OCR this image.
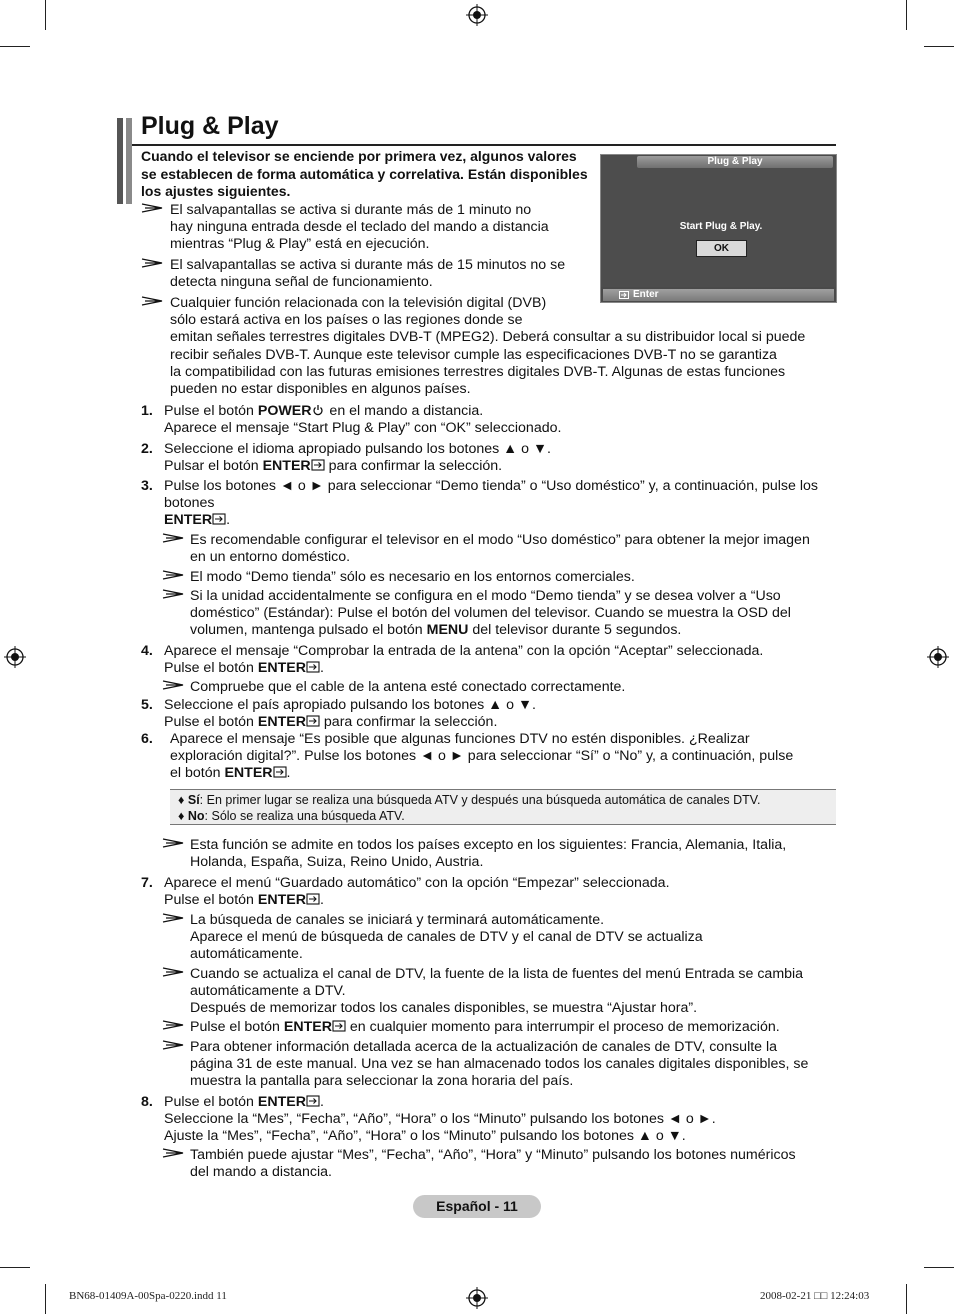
Plug & Play
Cuando el televisor se enciende por primera vez, algunos valores se establecen de forma automática y correlativa. Están disponibles los ajustes siguientes.
Plug & Play
Start Plug & Play.
OK
Enter
El salvapantallas se activa si durante más de 1 minuto no
hay ninguna entrada desde el teclado del mando a distancia
mientras “Plug & Play” está en ejecución.
El salvapantallas se activa si durante más de 15 minutos no se
detecta ninguna señal de funcionamiento.
Cualquier función relacionada con la televisión digital (DVB)
sólo estará activa en los países o las regiones donde se
emitan señales terrestres digitales DVB-T (MPEG2). Deberá consultar a su distribuidor local si puede
recibir señales DVB-T. Aunque este televisor cumple las especificaciones DVB-T no se garantiza
la compatibilidad con las futuras emisiones terrestres digitales DVB-T. Algunas de estas funciones
pueden no estar disponibles en algunos países.
1. Pulse el botón POWER en el mando a distancia.
Aparece el mensaje “Start Plug & Play” con “OK” seleccionado.
2. Seleccione el idioma apropiado pulsando los botones ▲ o ▼.
Pulsar el botón ENTER para confirmar la selección.
3. Pulse los botones ◄ o ► para seleccionar “Demo tienda” o “Uso doméstico” y, a continuación, pulse los
botones
ENTER .
Es recomendable configurar el televisor en el modo “Uso doméstico” para obtener la mejor imagen
en un entorno doméstico.
El modo “Demo tienda” sólo es necesario en los entornos comerciales.
Si la unidad accidentalmente se configura en el modo “Demo tienda” y se desea volver a “Uso
doméstico” (Estándar): Pulse el botón del volumen del televisor. Cuando se muestra la OSD del
volumen, mantenga pulsado el botón MENU del televisor durante 5 segundos.
4. Aparece el mensaje “Comprobar la entrada de la antena” con la opción “Aceptar” seleccionada.
Pulse el botón ENTER .
Compruebe que el cable de la antena esté conectado correctamente.
5. Seleccione el país apropiado pulsando los botones ▲ o ▼.
Pulse el botón ENTER para confirmar la selección.
6. Aparece el mensaje “Es posible que algunas funciones DTV no estén disponibles. ¿Realizar
exploración digital?”. Pulse los botones ◄ o ► para seleccionar “Sí” o “No” y, a continuación, pulse
el botón ENTER .
♦ Sí: En primer lugar se realiza una búsqueda ATV y después una búsqueda automática de canales DTV.
♦ No: Sólo se realiza una búsqueda ATV.
Esta función se admite en todos los países excepto en los siguientes: Francia, Alemania, Italia,
Holanda, España, Suiza, Reino Unido, Austria.
7. Aparece el menú “Guardado automático” con la opción “Empezar” seleccionada.
Pulse el botón ENTER .
La búsqueda de canales se iniciará y terminará automáticamente.
Aparece el menú de búsqueda de canales de DTV y el canal de DTV se actualiza
automáticamente.
Cuando se actualiza el canal de DTV, la fuente de la lista de fuentes del menú Entrada se cambia
automáticamente a DTV.
Después de memorizar todos los canales disponibles, se muestra “Ajustar hora”.
Pulse el botón ENTER en cualquier momento para interrumpir el proceso de memorización.
Para obtener información detallada acerca de la actualización de canales de DTV, consulte la
página 31 de este manual. Una vez se han almacenado todos los canales digitales disponibles, se
muestra la pantalla para seleccionar la zona horaria del país.
8. Pulse el botón ENTER .
Seleccione la “Mes”, “Fecha”, “Año”, “Hora” o los “Minuto” pulsando los botones ◄ o ►.
Ajuste la “Mes”, “Fecha”, “Año”, “Hora” o los “Minuto” pulsando los botones ▲ o ▼.
También puede ajustar “Mes”, “Fecha”, “Año”, “Hora” y “Minuto” pulsando los botones numéricos
del mando a distancia.
Español - 11
BN68-01409A-00Spa-0220.indd 11	2008-02-21 □□ 12:24:03
